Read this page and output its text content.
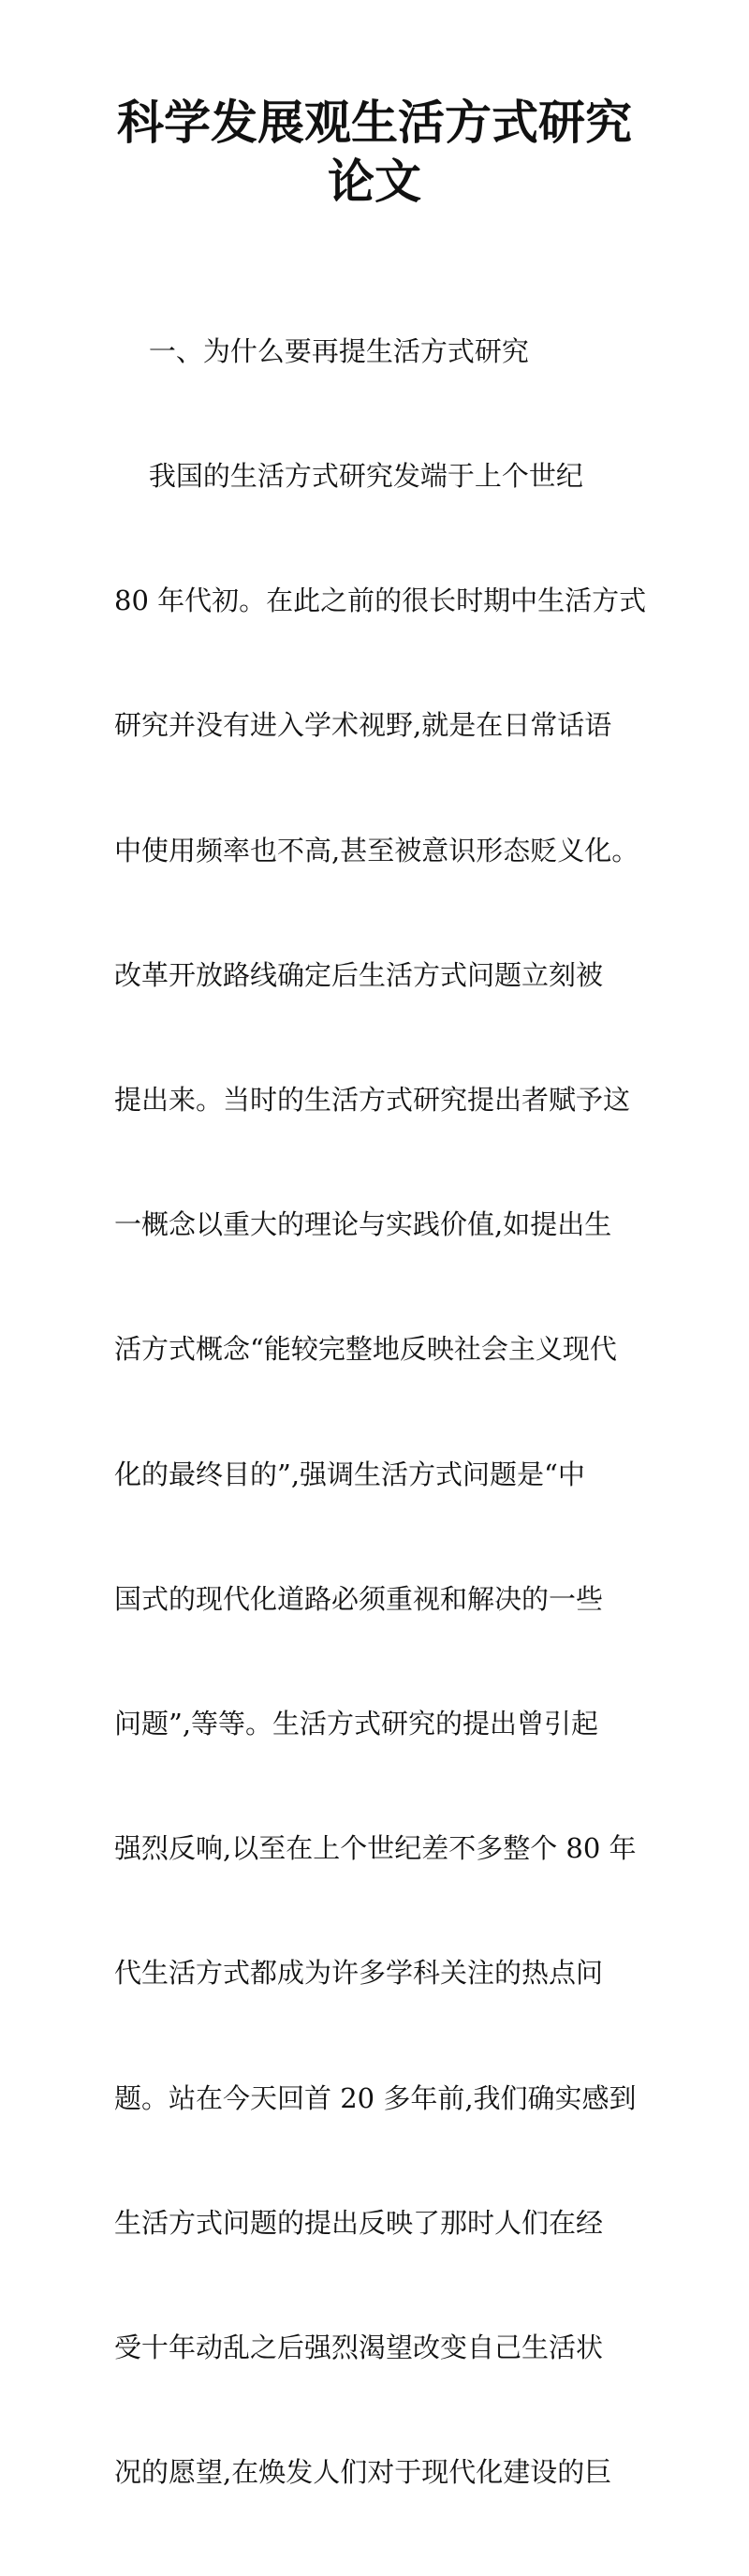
科学发展观生活方式研究
论文

一、为什么要再提生活方式研究

我国的生活方式研究发端于上个世纪

80 年代初。在此之前的很长时期中生活方式

研究并没有进入学术视野,就是在日常话语

中使用频率也不高,甚至被意识形态贬义化。

改革开放路线确定后生活方式问题立刻被

提出来。当时的生活方式研究提出者赋予这

一概念以重大的理论与实践价值,如提出生

活方式概念“能较完整地反映社会主义现代

化的最终目的”,强调生活方式问题是“中

国式的现代化道路必须重视和解决的一些

问题”,等等。生活方式研究的提出曾引起

强烈反响,以至在上个世纪差不多整个 80 年

代生活方式都成为许多学科关注的热点问

题。站在今天回首 20 多年前,我们确实感到

生活方式问题的提出反映了那时人们在经

受十年动乱之后强烈渴望改变自己生活状

况的愿望,在焕发人们对于现代化建设的巨
